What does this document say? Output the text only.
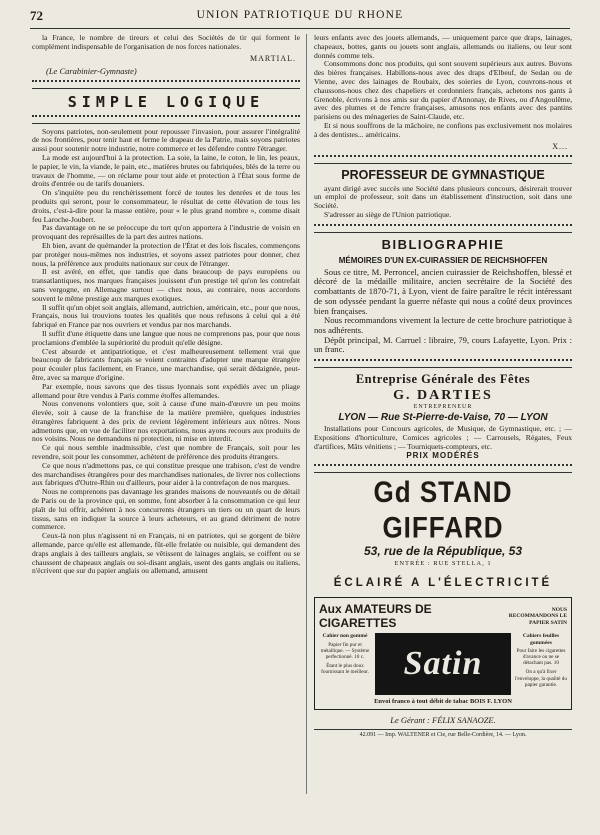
72	UNION PATRIOTIQUE DU RHONE

la France, le nombre de tireurs et celui des Sociétés de tir qui forment le complément indispensable de l'organisation de nos forces nationales.

MARTIAL.
(Le Carabinier-Gymnaste)
SIMPLE LOGIQUE

Soyons patriotes, non-seulement pour repousser l'invasion, pour assurer l'intégralité de nos frontières, pour tenir haut et ferme le drapeau de la Patrie, mais soyons patriotes aussi pour soutenir notre industrie, notre commerce et les défendre contre l'étranger.

La mode est aujourd'hui à la protection. La soie, la laine, le coton, le lin, les peaux, le papier, le vin, la viande, le pain, etc., matières brutes ou fabriquées, blés de la terre ou travaux de l'homme, — on réclame pour tout aide et protection à l'État sous forme de droits d'entrée ou de tarifs douaniers.

On s'inquiète peu du renchérissement forcé de toutes les denrées et de tous les produits qui seront, pour le consommateur, le résultat de cette élévation de tous les droits, c'est-à-dire pour la masse entière, pour « le plus grand nombre », comme disait feu Laroche-Joubert.

Pas davantage on ne se préoccupe du tort qu'on apportera à l'industrie de voisin en provoquant des représailles de la part des autres nations.

Eh bien, avant de quémander la protection de l'État et des lois fiscales, commençons par protéger nous-mêmes nos industries, et soyons assez patriotes pour donner, chez nous, la préférence aux produits nationaux sur ceux de l'étranger.

Il est avéré, en effet, que tandis que dans beaucoup de pays européens ou transatlantiques, nos marques françaises jouissent d'un prestige tel qu'on les contrefait sans vergogne, en Allemagne surtout — chez nous, au contraire, nous accordons souvent le même prestige aux marques exotiques.

Il suffit qu'un objet soit anglais, allemand, autrichien, américain, etc., pour que nous, Français, nous lui trouvions toutes les qualités que nous refusons à celui qui a été fabriqué en France par nos ouvriers et vendus par nos marchands.

Il suffit d'une étiquette dans une langue que nous ne comprenons pas, pour que nous proclamions d'emblée la supériorité du produit qu'elle désigne.

C'est absurde et antipatriotique, et c'est malheureusement tellement vrai que beaucoup de fabricants français se voient contraints d'adopter une marque étrangère pour écouler plus facilement, en France, une marchandise, qui serait dédaignée, peut-être, avec sa marque d'origine.

Par exemple, nous savons que des tissus lyonnais sont expédiés avec un pliage allemand pour être vendus à Paris comme étoffes allemandes.

Nous convenons volontiers que, soit à cause d'une main-d'œuvre un peu moins élevée, soit à cause de la franchise de la matière première, quelques industries étrangères fabriquent à des prix de revient légèrement inférieurs aux nôtres. Nous admettons que, en vue de faciliter nos exportations, nous ayons recours aux produits de nos voisins. Nous ne demandons ni protection, ni mise en interdit.

Ce qui nous semble inadmissible, c'est que nombre de Français, soit pour les revendre, soit pour les consommer, achètent de préférence des produits étrangers.

Ce que nous n'admettons pas, ce qui constitue presque une trahison, c'est de vendre des marchandises étrangères pour des marchandises nationales, de livrer nos collections aux fabriques d'Outre-Rhin ou d'ailleurs, pour aider à la contrefaçon de nos marques.

Nous ne comprenons pas davantage les grandes maisons de nouveautés ou de détail de Paris ou de la province qui, en somme, font absorber à la consommation ce qui leur plaît de lui offrir, achètent à nos concurrents étrangers un tiers ou un quart de leurs tissus, sans en indiquer la source à leurs acheteurs, et au grand détriment de notre commerce.

Ceux-là non plus n'agissent ni en Français, ni en patriotes, qui se gorgent de bière allemande, parce qu'elle est allemande, fût-elle frelatée ou nuisible, qui demandent des draps anglais à des tailleurs anglais, se vêtissent de lainages anglais, se coiffent ou se chaussent de chapeaux anglais ou soi-disant anglais, usent des gants anglais ou italiens, n'écrivent que sur du papier anglais ou allemand, amusent

leurs enfants avec des jouets allemands, — uniquement parce que draps, lainages, chapeaux, bottes, gants ou jouets sont anglais, allemands ou italiens, ou leur sont donnés comme tels.

Consommons donc nos produits, qui sont souvent supérieurs aux autres. Buvons des bières françaises. Habillons-nous avec des draps d'Elbeuf, de Sedan ou de Vienne, avec des lainages de Roubaix, des soieries de Lyon, couvrons-nous et chaussons-nous chez des chapeliers et cordonniers français, achetons nos gants à Grenoble, écrivons à nos amis sur du papier d'Annonay, de Rives, ou d'Angoulême, avec des plumes et de l'encre françaises, amusons nos enfants avec des pantins parisiens ou des ménageries de Saint-Claude, etc.

Et si nous souffrons de la mâchoire, ne confions pas exclusivement nos molaires à des dentistes... américains.

X...
PROFESSEUR DE GYMNASTIQUE

ayant dirigé avec succès une Société dans plusieurs concours, désirerait trouver un emploi de professeur, soit dans un établissement d'instruction, soit dans une Société.

S'adresser au siège de l'Union patriotique.

BIBLIOGRAPHIE
MÉMOIRES D'UN EX-CUIRASSIER DE REICHSHOFFEN

Sous ce titre, M. Perroncel, ancien cuirassier de Reichshoffen, blessé et décoré de la médaille militaire, ancien secrétaire de la Société des combattants de 1870-71, à Lyon, vient de faire paraître le récit intéressant de son odyssée pendant la guerre néfaste qui nous a coûté deux provinces bien françaises.

Nous recommandons vivement la lecture de cette brochure patriotique à nos adhérents.

Dépôt principal, M. Carruel : libraire, 79, cours Lafayette, Lyon. Prix : un franc.

Entreprise Générale des Fêtes
G. DARTIES
ENTREPRENEUR
LYON — Rue St-Pierre-de-Vaise, 70 — LYON

Installations pour Concours agricoles, de Musique, de Gymnastique, etc. ; — Expositions d'horticulture, Comices agricoles ; — Carrousels, Régates, Feux d'artifices, Mâts vénitiens ; — Tourniquets-compteurs, etc.

PRIX MODÉRÉS
Gd STAND GIFFARD
53, rue de la République, 53
ENTRÉE : RUE STELLA, 1
ÉCLAIRÉ A L'ÉLECTRICITÉ
Aux AMATEURS DE CIGARETTES
NOUS RECOMMANDONS LE PAPIER SATIN
Cahier non gommé
Papier fin pur et métallique. — Système perfectionné. 10 c.
Étant le plus doux fournissant le meilleur. Satin
Cahiers feuilles gommées
Pour faire les cigarettes d'avance ou ne se détachant pas. 10
On a qu'à fixer l'enveloppe, la qualité du papier garantie.
Envoi franco à tout débit de tabac BOIS F. LYON
Le Gérant : FÉLIX SANAOZE.
42.091 — Imp. WALTENER et Cie, rue Belle-Cordière, 14. — Lyon.
